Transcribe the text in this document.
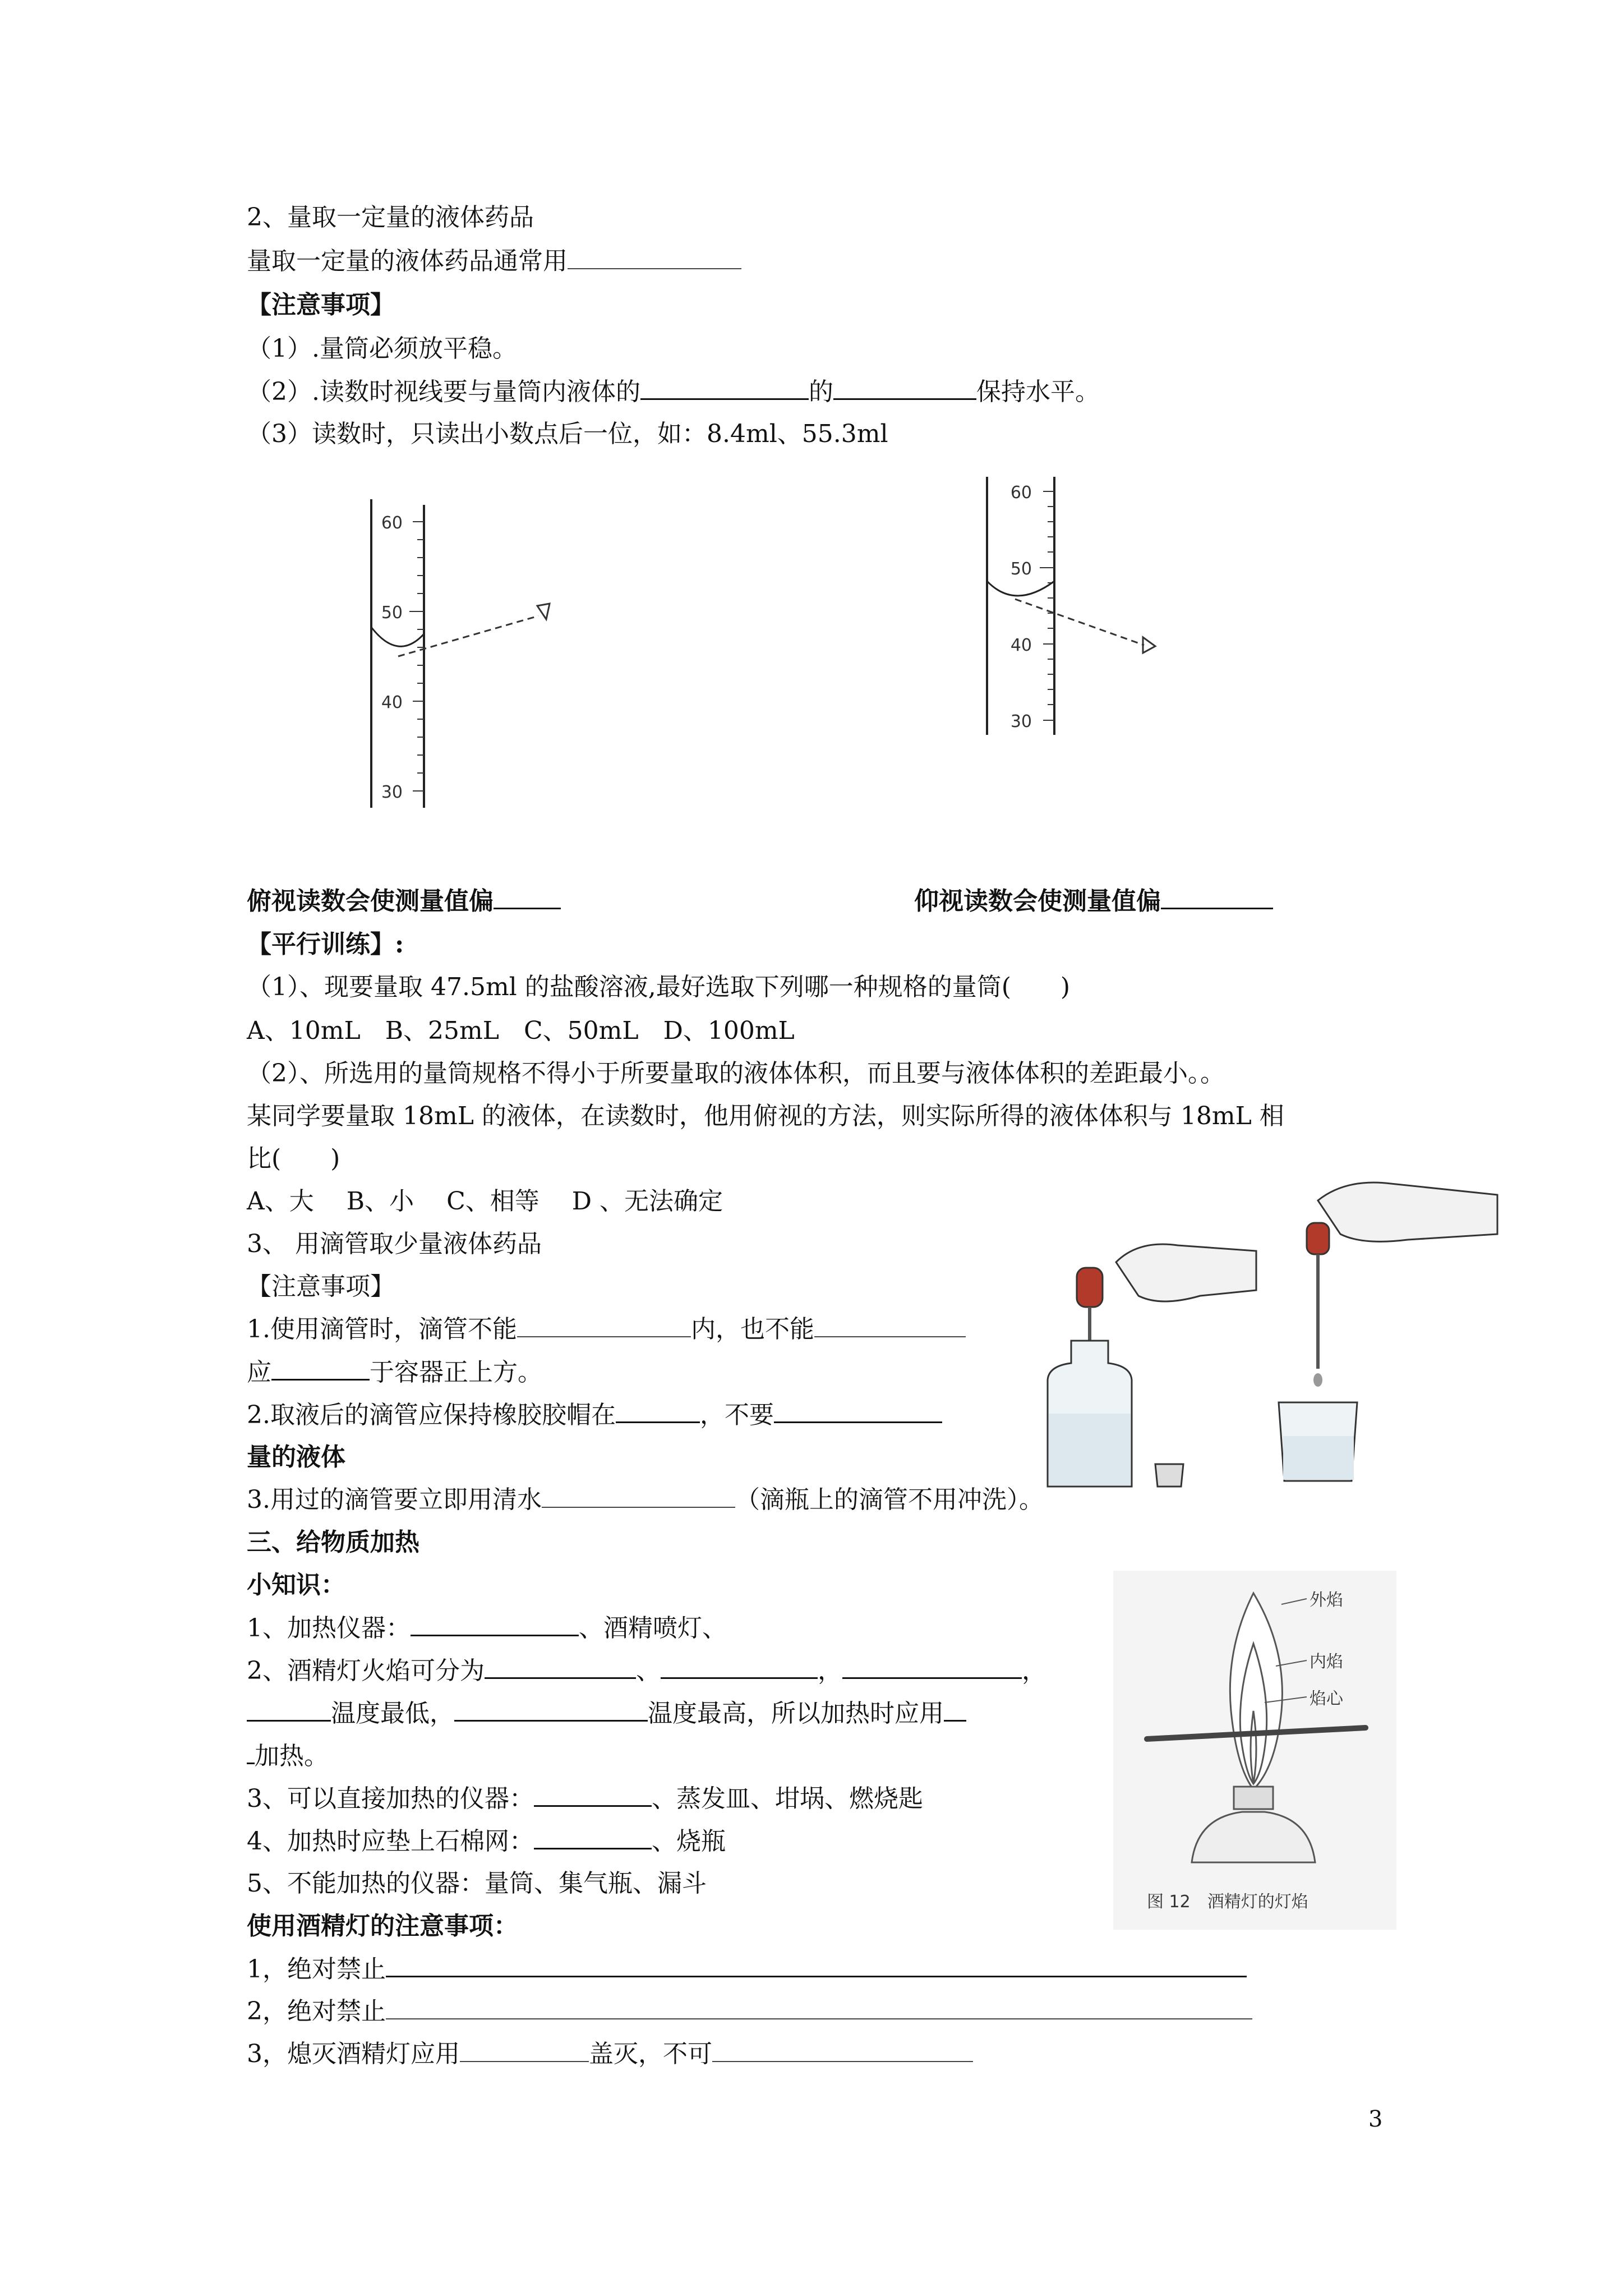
2、量取一定量的液体药品
量取一定量的液体药品通常用
【注意事项】
（1）.量筒必须放平稳。
（2）.读数时视线要与量筒内液体的	的	保持水平。
（3）读数时，只读出小数点后一位，如：8.4ml、55.3ml
60
50
40
30
60
50
40
30
俯视读数会使测量值偏	仰视读数会使测量值偏
【平行训练】:
（1）、现要量取 47.5ml 的盐酸溶液,最好选取下列哪一种规格的量筒(　　)
A、10mL　B、25mL　C、50mL　D、100mL
（2）、所选用的量筒规格不得小于所要量取的液体体积，而且要与液体体积的差距最小。。
某同学要量取 18mL 的液体，在读数时，他用俯视的方法，则实际所得的液体体积与 18mL 相
比(　　)
A、大　 B、小　 C、相等　 D 、无法确定
3、 用滴管取少量液体药品
【注意事项】
1.使用滴管时，滴管不能	内，也不能
应	于容器正上方。
2.取液后的滴管应保持橡胶胶帽在	，不要
量的液体
3.用过的滴管要立即用清水	（滴瓶上的滴管不用冲洗）。
三、给物质加热
小知识：
1、加热仪器：	、酒精喷灯、
2、酒精灯火焰可分为	、	，	，
温度最低，	温度最高，所以加热时应用
加热。
3、可以直接加热的仪器：	、蒸发皿、坩埚、燃烧匙
4、加热时应垫上石棉网：	、烧瓶
5、不能加热的仪器：量筒、集气瓶、漏斗
使用酒精灯的注意事项：
1，绝对禁止
2，绝对禁止
3，熄灭酒精灯应用	盖灭，不可
外焰
内焰
焰心
图 12　酒精灯的灯焰
3
